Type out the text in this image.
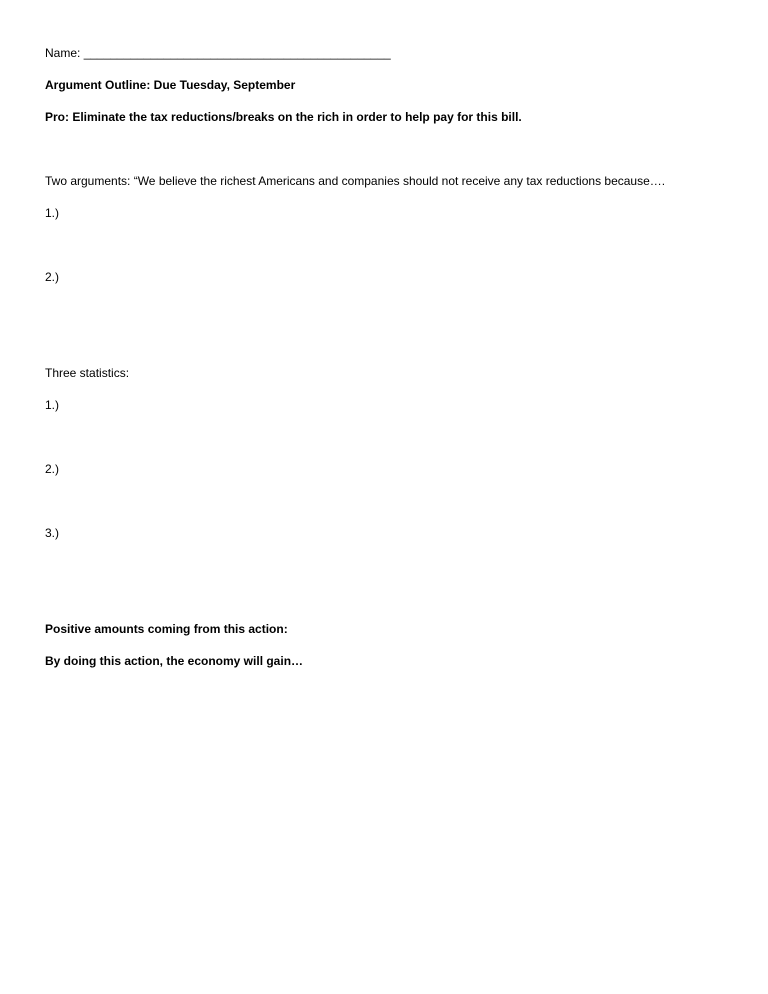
Name: ______________________________________________
Argument Outline: Due Tuesday, September
Pro: Eliminate the tax reductions/breaks on the rich in order to help pay for this bill.
Two arguments: “We believe the richest Americans and companies should not receive any tax reductions because….
1.)
2.)
Three statistics:
1.)
2.)
3.)
Positive amounts coming from this action:
By doing this action, the economy will gain…
